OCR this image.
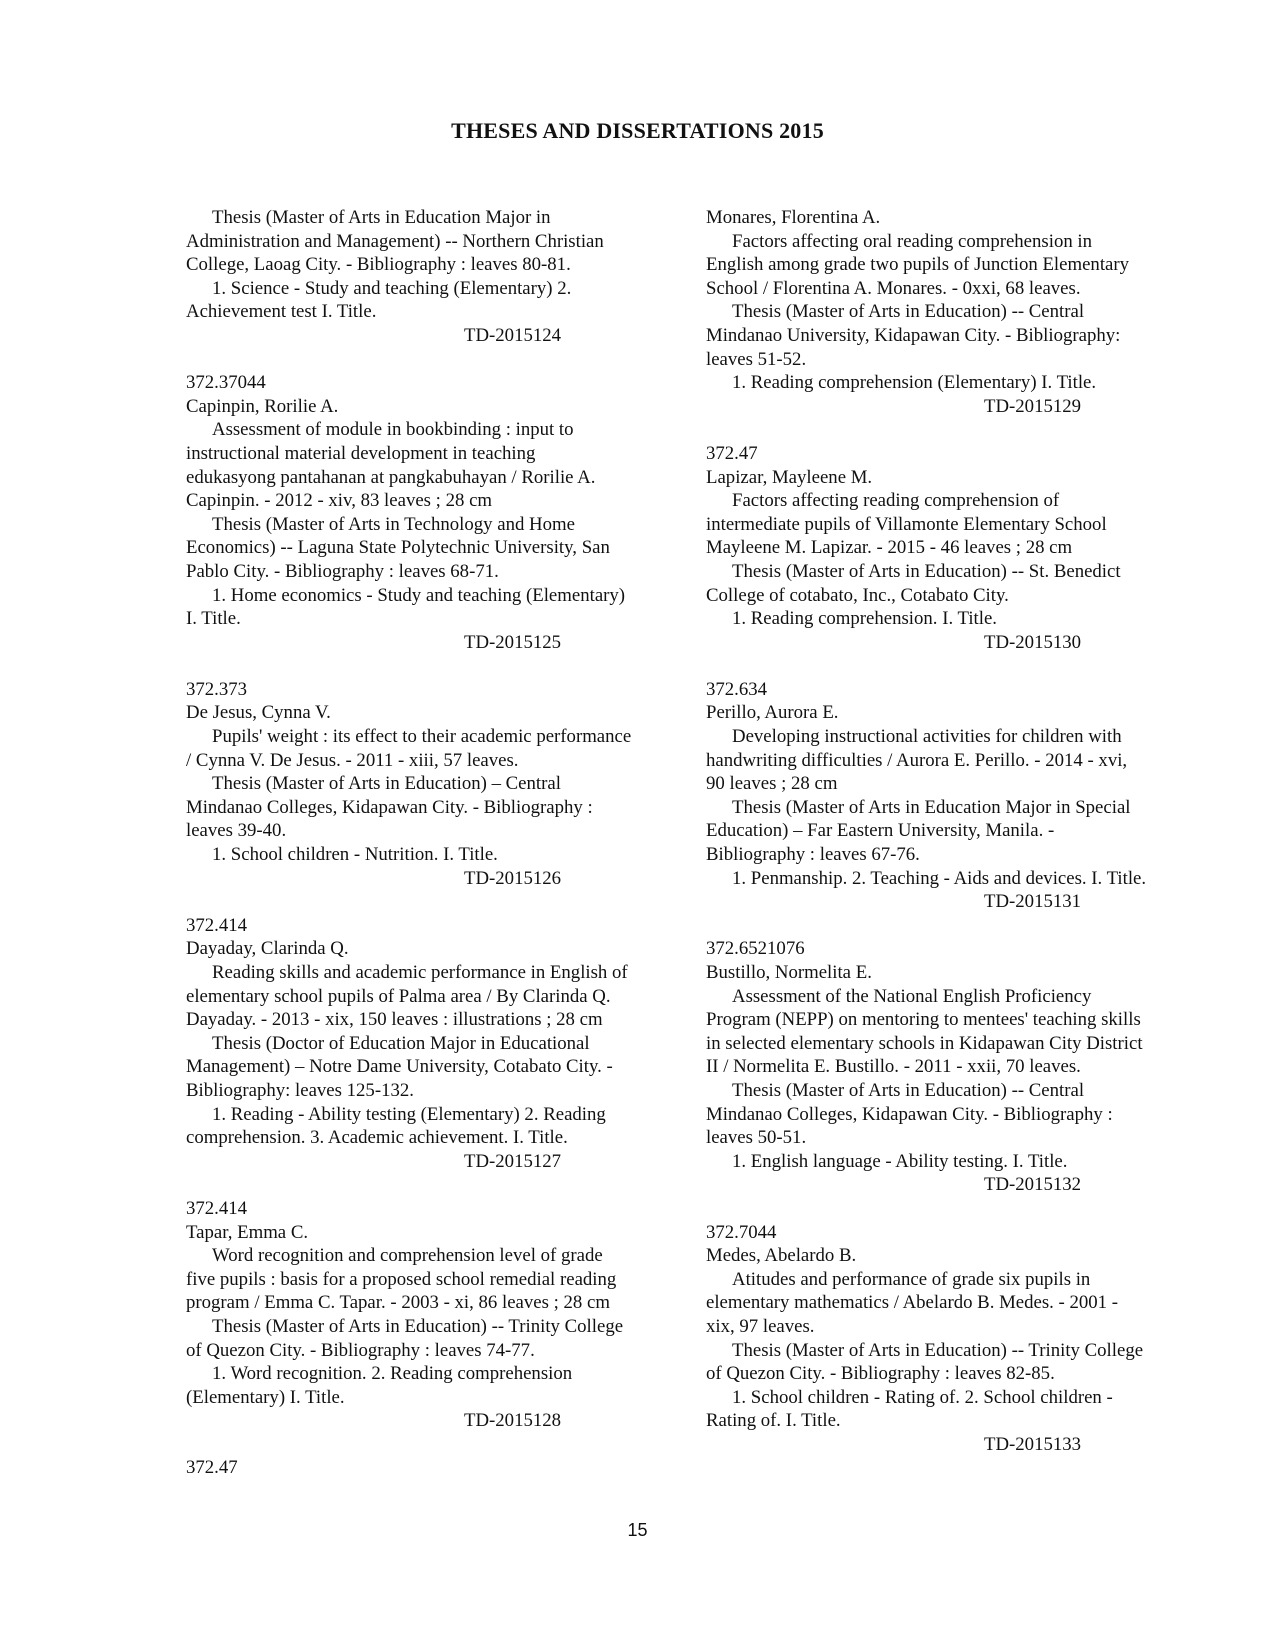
THESES AND DISSERTATIONS 2015
Thesis (Master of Arts in Education Major in
Administration and Management) -- Northern Christian
College, Laoag City. - Bibliography : leaves 80-81.
1. Science - Study and teaching (Elementary) 2.
Achievement test I. Title.
TD-2015124
372.37044
Capinpin, Rorilie A.
Assessment of module in bookbinding : input to
instructional material development in teaching
edukasyong pantahanan at pangkabuhayan / Rorilie A.
Capinpin. - 2012 - xiv, 83 leaves ; 28 cm
Thesis (Master of Arts in Technology and Home
Economics) -- Laguna State Polytechnic University, San
Pablo City. - Bibliography : leaves 68-71.
1. Home economics - Study and teaching (Elementary)
I. Title.
TD-2015125
372.373
De Jesus, Cynna V.
Pupils' weight : its effect to their academic performance
/ Cynna V. De Jesus. - 2011 - xiii, 57 leaves.
Thesis (Master of Arts in Education) – Central
Mindanao Colleges, Kidapawan City. - Bibliography :
leaves 39-40.
1. School children - Nutrition. I. Title.
TD-2015126
372.414
Dayaday, Clarinda Q.
Reading skills and academic performance in English of
elementary school pupils of Palma area / By Clarinda Q.
Dayaday. - 2013 - xix, 150 leaves : illustrations ; 28 cm
Thesis (Doctor of Education Major in Educational
Management) – Notre Dame University, Cotabato City. -
Bibliography: leaves 125-132.
1. Reading - Ability testing (Elementary) 2. Reading
comprehension. 3. Academic achievement. I. Title.
TD-2015127
372.414
Tapar, Emma C.
Word recognition and comprehension level of grade
five pupils : basis for a proposed school remedial reading
program / Emma C. Tapar. - 2003 - xi, 86 leaves ; 28 cm
Thesis (Master of Arts in Education) -- Trinity College
of Quezon City. - Bibliography : leaves 74-77.
1. Word recognition. 2. Reading comprehension
(Elementary) I. Title.
TD-2015128
372.47
Monares, Florentina A.
Factors affecting oral reading comprehension in
English among grade two pupils of Junction Elementary
School / Florentina A. Monares. - 0xxi, 68 leaves.
Thesis (Master of Arts in Education) -- Central
Mindanao University, Kidapawan City. - Bibliography:
leaves 51-52.
1. Reading comprehension (Elementary) I. Title.
TD-2015129
372.47
Lapizar, Mayleene M.
Factors affecting reading comprehension of
intermediate pupils of Villamonte Elementary School
Mayleene M. Lapizar. - 2015 - 46 leaves ; 28 cm
Thesis (Master of Arts in Education) -- St. Benedict
College of cotabato, Inc., Cotabato City.
1. Reading comprehension. I. Title.
TD-2015130
372.634
Perillo, Aurora E.
Developing instructional activities for children with
handwriting difficulties / Aurora E. Perillo. - 2014 - xvi,
90 leaves ; 28 cm
Thesis (Master of Arts in Education Major in Special
Education) – Far Eastern University, Manila. -
Bibliography : leaves 67-76.
1. Penmanship. 2. Teaching - Aids and devices. I. Title.
TD-2015131
372.6521076
Bustillo, Normelita E.
Assessment of the National English Proficiency
Program (NEPP) on mentoring to mentees' teaching skills
in selected elementary schools in Kidapawan City District
II / Normelita E. Bustillo. - 2011 - xxii, 70 leaves.
Thesis (Master of Arts in Education) -- Central
Mindanao Colleges, Kidapawan City. - Bibliography :
leaves 50-51.
1. English language - Ability testing. I. Title.
TD-2015132
372.7044
Medes, Abelardo B.
Atitudes and performance of grade six pupils in
elementary mathematics / Abelardo B. Medes. - 2001 -
xix, 97 leaves.
Thesis (Master of Arts in Education) -- Trinity College
of Quezon City. - Bibliography : leaves 82-85.
1. School children - Rating of. 2. School children -
Rating of. I. Title.
TD-2015133
15
